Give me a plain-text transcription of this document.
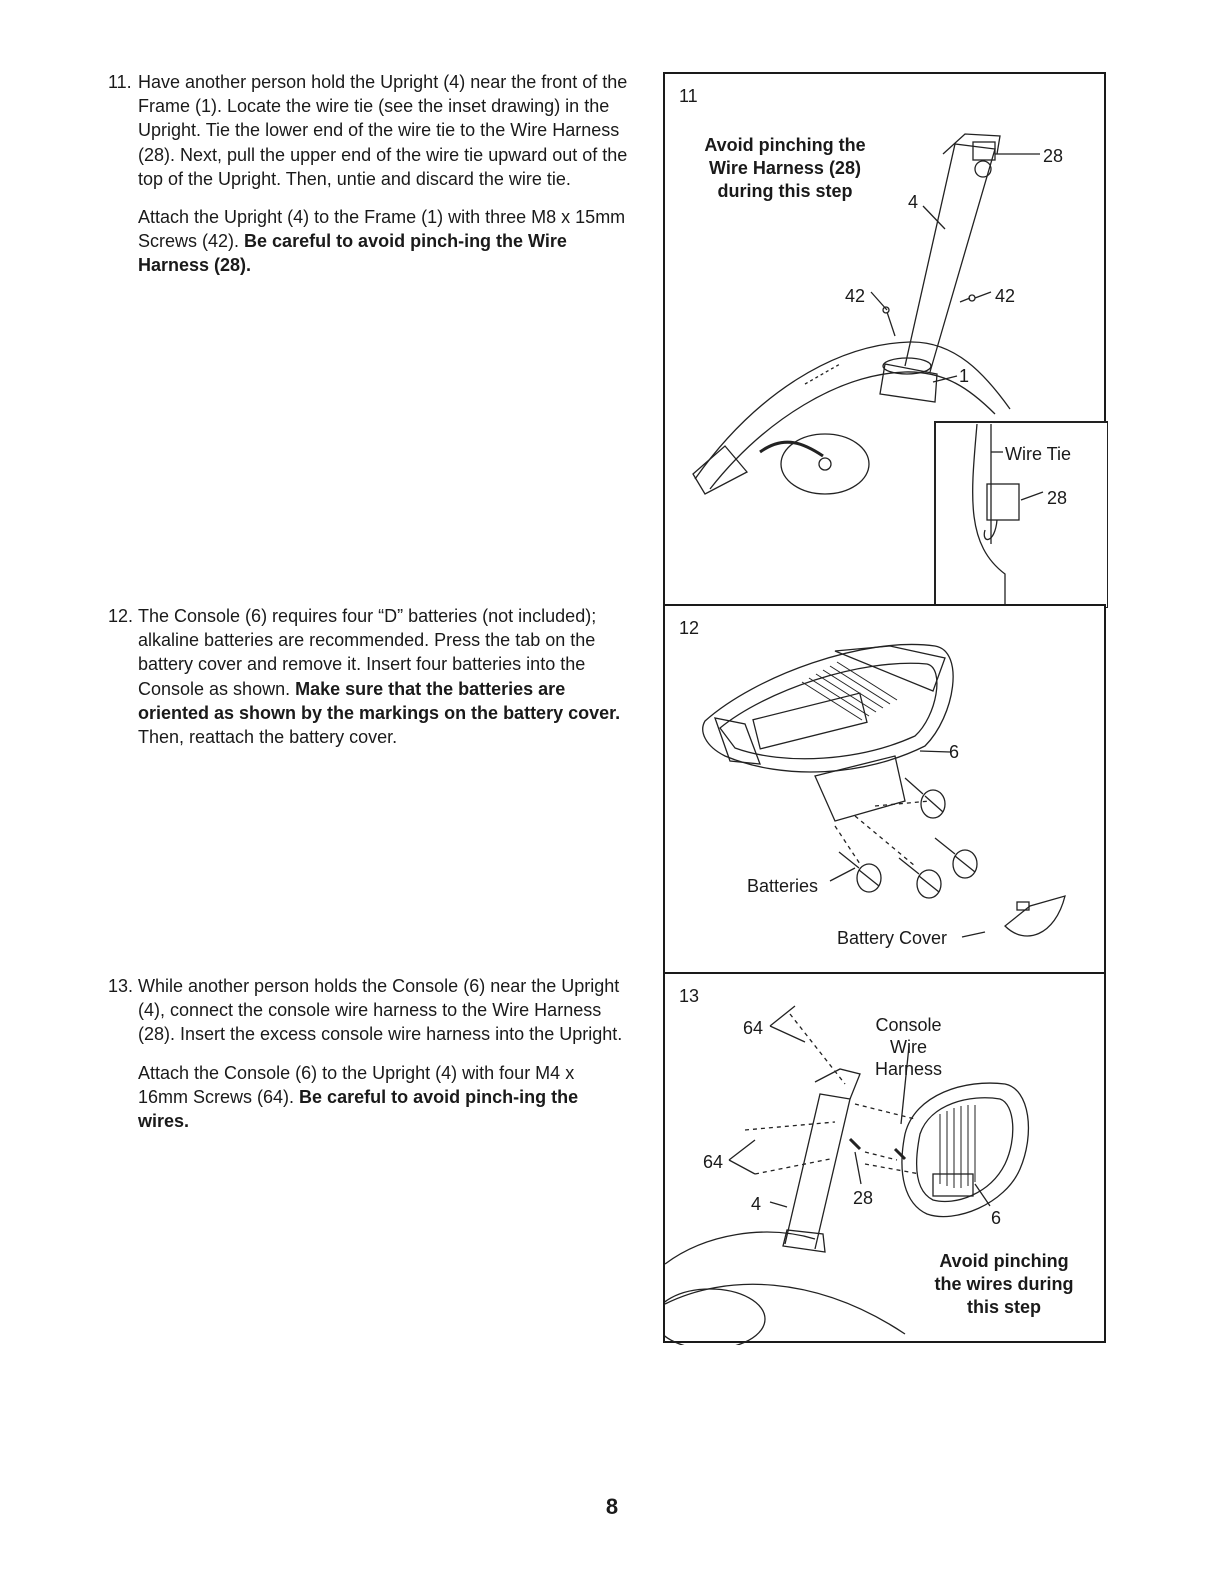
11. Have another person hold the Upright (4) near the front of the Frame (1). Locate the wire tie (see the inset drawing) in the Upright. Tie the lower end of the wire tie to the Wire Harness (28). Next, pull the upper end of the wire tie upward out of the top of the Upright. Then, untie and discard the wire tie.

Attach the Upright (4) to the Frame (1) with three M8 x 15mm Screws (42). Be careful to avoid pinch-ing the Wire Harness (28).

12. The Console (6) requires four “D” batteries (not included); alkaline batteries are recommended. Press the tab on the battery cover and remove it. Insert four batteries into the Console as shown. Make sure that the batteries are oriented as shown by the markings on the battery cover. Then, reattach the battery cover.

13. While another person holds the Console (6) near the Upright (4), connect the console wire harness to the Wire Harness (28). Insert the excess console wire harness into the Upright.

Attach the Console (6) to the Upright (4) with four M4 x 16mm Screws (64). Be careful to avoid pinch-ing the wires.

11
Avoid pinching the
Wire Harness (28)
during this step
28
4
42	42
1
Wire Tie
28
12
6
Batteries
Battery Cover
13
64	Console
Wire
Harness
64
4	28
6
Avoid pinching
the wires during
this step
8
